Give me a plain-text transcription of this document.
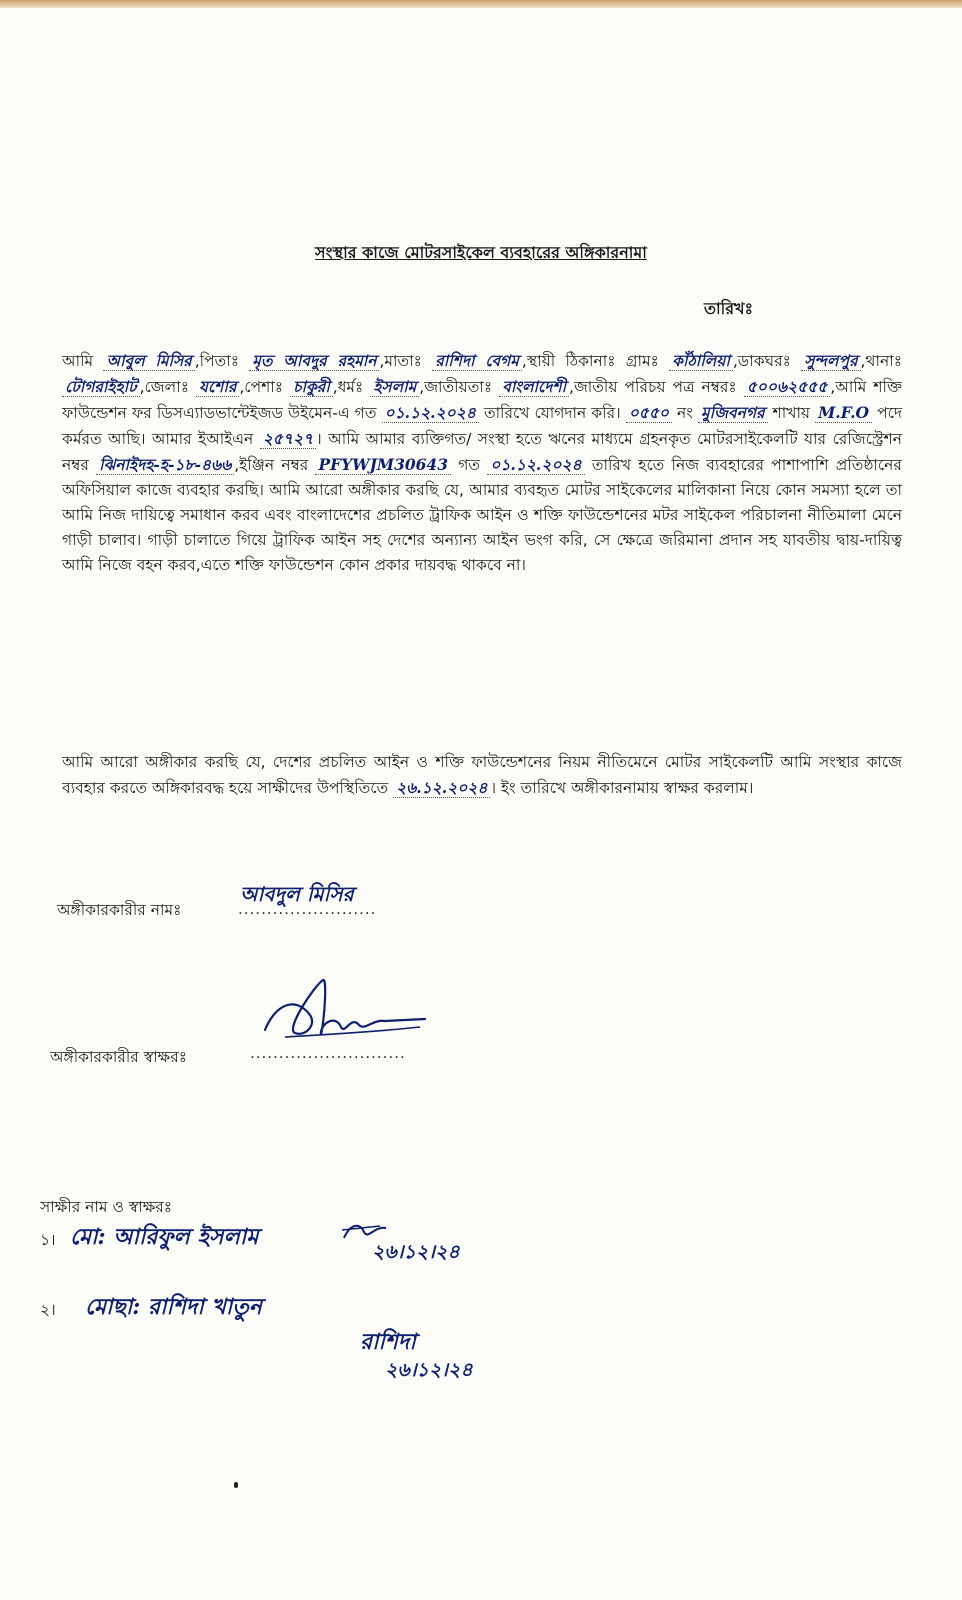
সংস্থার কাজে মোটরসাইকেল ব্যবহারের অঙ্গিকারনামা
তারিখঃ
আমি আবুল মিসির ,পিতাঃ মৃত আবদুর রহমান ,মাতাঃ রাশিদা বেগম ,স্থায়ী ঠিকানাঃ গ্রামঃ কাঁঠালিয়া ,ডাকঘরঃ সুন্দলপুর ,থানাঃ টোগরাইহাট ,জেলাঃ যশোর ,পেশাঃ চাকুরী ,ধর্মঃ ইসলাম ,জাতীয়তাঃ বাংলাদেশী ,জাতীয় পরিচয় পত্র নম্বরঃ ৫০০৬২৫৫৫ ,আমি শক্তি ফাউন্ডেশন ফর ডিসএ্যাডভান্টেইজড উইমেন-এ গত ০১.১২.২০২৪ তারিখে যোগদান করি। ০৫৫০ নং মুজিবনগর শাখায় M.F.O পদে কর্মরত আছি। আমার ইআইএন ২৫৭২৭ । আমি আমার ব্যক্তিগত/ সংস্থা হতে ঋনের মাধ্যমে গ্রহনকৃত মোটরসাইকেলটি যার রেজিস্ট্রেশন নম্বর ঝিনাইদহ-হ-১৮-৪৬৬ ,ইঞ্জিন নম্বর PFYWJM30643 গত ০১.১২.২০২৪ তারিখ হতে নিজ ব্যবহারের পাশাপাশি প্রতিষ্ঠানের অফিসিয়াল কাজে ব্যবহার করছি। আমি আরো অঙ্গীকার করছি যে, আমার ব্যবহৃত মোটর সাইকেলের মালিকানা নিয়ে কোন সমস্যা হলে তা আমি নিজ দায়িত্বে সমাধান করব এবং বাংলাদেশের প্রচলিত ট্রাফিক আইন ও শক্তি ফাউন্ডেশনের মটর সাইকেল পরিচালনা নীতিমালা মেনে গাড়ী চালাব। গাড়ী চালাতে গিয়ে ট্রাফিক আইন সহ দেশের অন্যান্য আইন ভংগ করি, সে ক্ষেত্রে জরিমানা প্রদান সহ যাবতীয় দ্বায়-দায়িত্ব আমি নিজে বহন করব,এতে শক্তি ফাউন্ডেশন কোন প্রকার দায়বদ্ধ থাকবে না।
আমি আরো অঙ্গীকার করছি যে, দেশের প্রচলিত আইন ও শক্তি ফাউন্ডেশনের নিয়ম নীতিমেনে মোটর সাইকেলটি আমি সংস্থার কাজে ব্যবহার করতে অঙ্গিকারবদ্ধ হয়ে সাক্ষীদের উপস্থিতিতে ২৬.১২.২০২৪ । ইং তারিখে অঙ্গীকারনামায় স্বাক্ষর করলাম।
অঙ্গীকারকারীর নামঃ
আবদুল মিসির
........................
অঙ্গীকারকারীর স্বাক্ষরঃ	...........................
সাক্ষীর নাম ও স্বাক্ষরঃ
১। মো: আরিফুল ইসলাম
২৬।১২।২৪
২। মোছা: রাশিদা খাতুন
রাশিদা
২৬।১২।২৪
